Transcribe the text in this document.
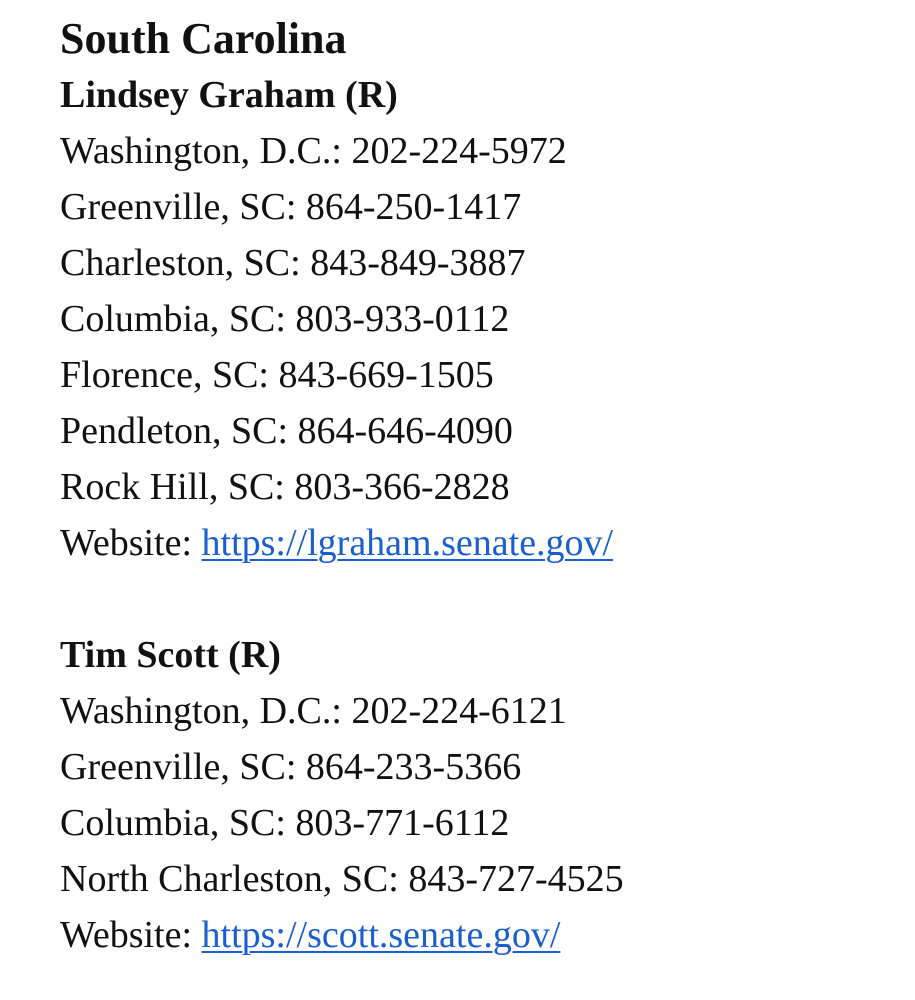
South Carolina
Lindsey Graham (R)
Washington, D.C.: 202-224-5972
Greenville, SC: 864-250-1417
Charleston, SC: 843-849-3887
Columbia, SC: 803-933-0112
Florence, SC: 843-669-1505
Pendleton, SC: 864-646-4090
Rock Hill, SC: 803-366-2828
Website: https://lgraham.senate.gov/
Tim Scott (R)
Washington, D.C.: 202-224-6121
Greenville, SC: 864-233-5366
Columbia, SC: 803-771-6112
North Charleston, SC: 843-727-4525
Website: https://scott.senate.gov/
